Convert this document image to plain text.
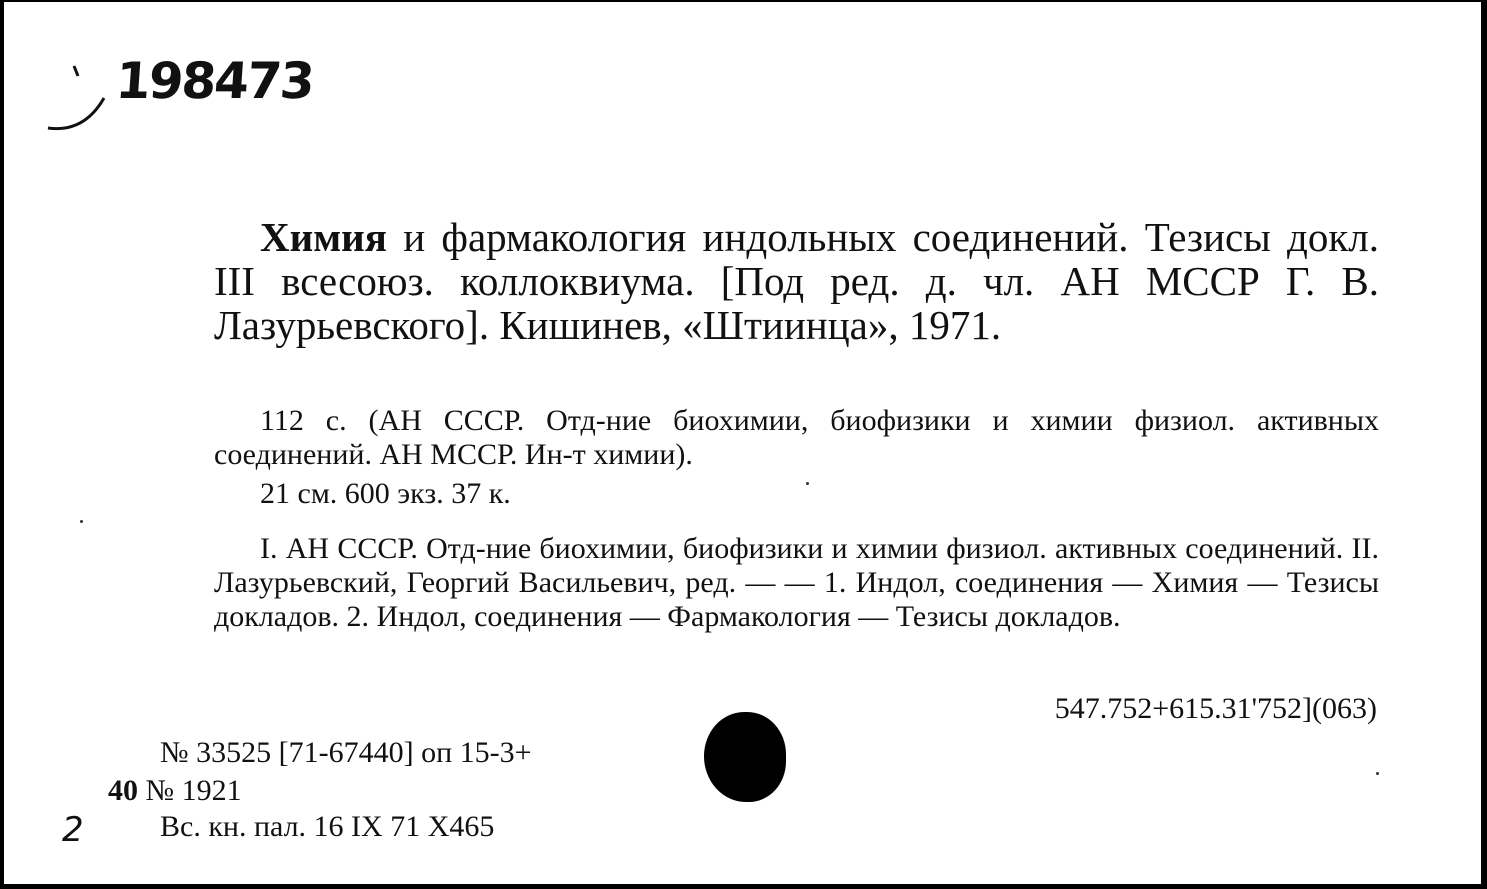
198473
Химия и фармакология индольных соединений. Тезисы докл. III всесоюз. коллоквиума. [Под ред. д. чл. АН МССР Г. В. Лазурьевского]. Кишинев, «Штиинца», 1971.
112 с. (АН СССР. Отд-ние биохимии, биофизики и химии физиол. активных соединений. АН МССР. Ин-т химии).
21 см. 600 экз. 37 к.
I. АН СССР. Отд-ние биохимии, биофизики и химии физиол. активных соединений. II. Лазурьевский, Георгий Васильевич, ред. — — 1. Индол, соединения — Химия — Тезисы докладов. 2. Индол, соединения — Фармакология — Тезисы докладов.
547.752+615.31'752](063)
№ 33525 [71-67440] оп 15-3+
40 № 1921
Вс. кн. пал. 16 IX 71 Х465
2
